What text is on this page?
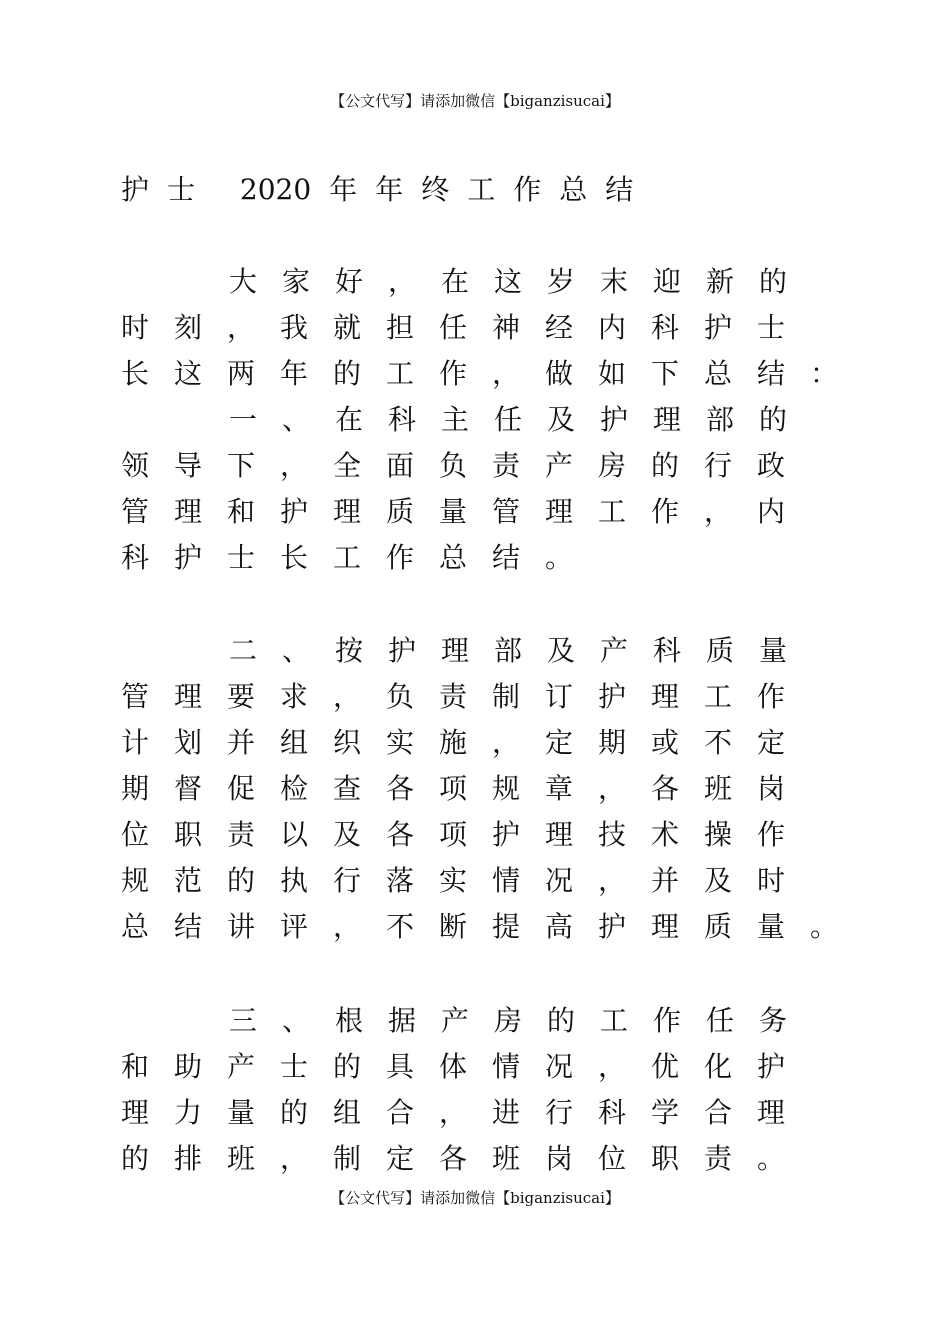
【公文代写】请添加微信【biganzisucai】
护士 2020 年年终工作总结
大家好，在这岁末迎新的
时刻，我就担任神经内科护士
长这两年的工作，做如下总结：
一、在科主任及护理部的
领导下，全面负责产房的行政
管理和护理质量管理工作，内
科护士长工作总结。
二、按护理部及产科质量
管理要求，负责制订护理工作
计划并组织实施，定期或不定
期督促检查各项规章，各班岗
位职责以及各项护理技术操作
规范的执行落实情况，并及时
总结讲评，不断提高护理质量。
三、根据产房的工作任务
和助产士的具体情况，优化护
理力量的组合，进行科学合理
的排班，制定各班岗位职责。
【公文代写】请添加微信【biganzisucai】
